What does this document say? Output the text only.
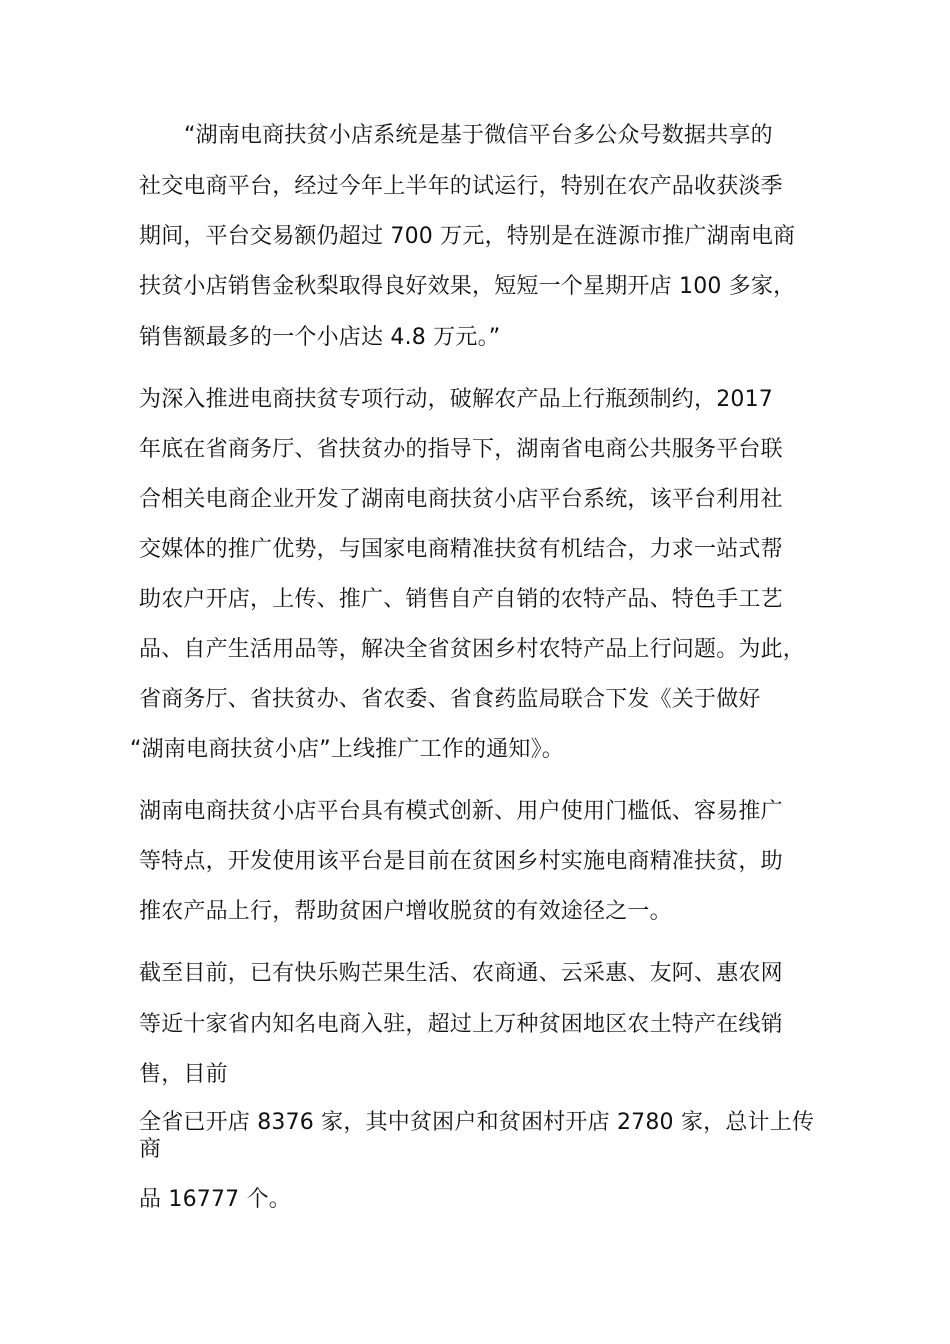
“湖南电商扶贫小店系统是基于微信平台多公众号数据共享的
社交电商平台，经过今年上半年的试运行，特别在农产品收获淡季
期间，平台交易额仍超过 700 万元，特别是在涟源市推广湖南电商
扶贫小店销售金秋梨取得良好效果，短短一个星期开店 100 多家，
销售额最多的一个小店达 4.8 万元。”
为深入推进电商扶贫专项行动，破解农产品上行瓶颈制约，2017
年底在省商务厅、省扶贫办的指导下，湖南省电商公共服务平台联
合相关电商企业开发了湖南电商扶贫小店平台系统，该平台利用社
交媒体的推广优势，与国家电商精准扶贫有机结合，力求一站式帮
助农户开店，上传、推广、销售自产自销的农特产品、特色手工艺
品、自产生活用品等，解决全省贫困乡村农特产品上行问题。为此，
省商务厅、省扶贫办、省农委、省食药监局联合下发《关于做好
“湖南电商扶贫小店”上线推广工作的通知》。
湖南电商扶贫小店平台具有模式创新、用户使用门槛低、容易推广
等特点，开发使用该平台是目前在贫困乡村实施电商精准扶贫，助
推农产品上行，帮助贫困户增收脱贫的有效途径之一。
截至目前，已有快乐购芒果生活、农商通、云采惠、友阿、惠农网
等近十家省内知名电商入驻，超过上万种贫困地区农土特产在线销
售，目前
全省已开店 8376 家，其中贫困户和贫困村开店 2780 家，总计上传
商
品 16777 个。
